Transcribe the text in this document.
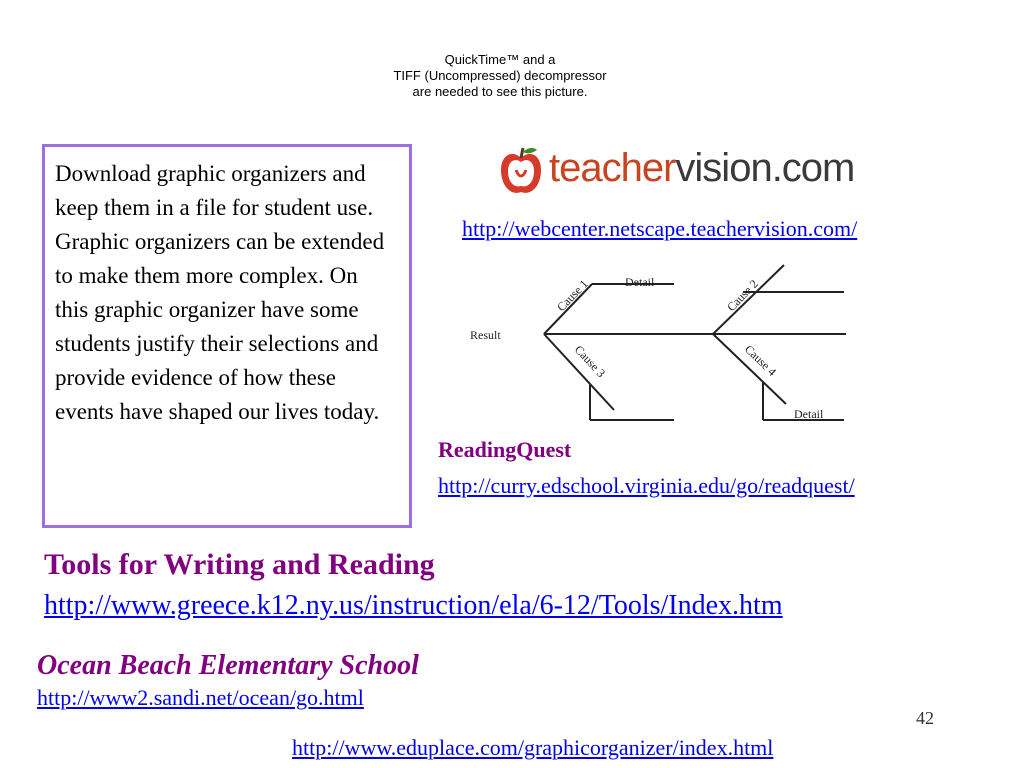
QuickTime™ and a
TIFF (Uncompressed) decompressor
are needed to see this picture.

Download graphic organizers and keep them in a file for student use.

Graphic organizers can be extended to make them more complex. On this graphic organizer have some students justify their selections and provide evidence of how these events have shaped our lives today.

teachervision.com
http://webcenter.netscape.teachervision.com/
Result
Detail
Detail
Cause 1	Cause 2
Cause 3	Cause 4
ReadingQuest
http://curry.edschool.virginia.edu/go/readquest/
Tools for Writing and Reading
http://www.greece.k12.ny.us/instruction/ela/6-12/Tools/Index.htm
Ocean Beach Elementary School
http://www2.sandi.net/ocean/go.html
42
http://www.eduplace.com/graphicorganizer/index.html
